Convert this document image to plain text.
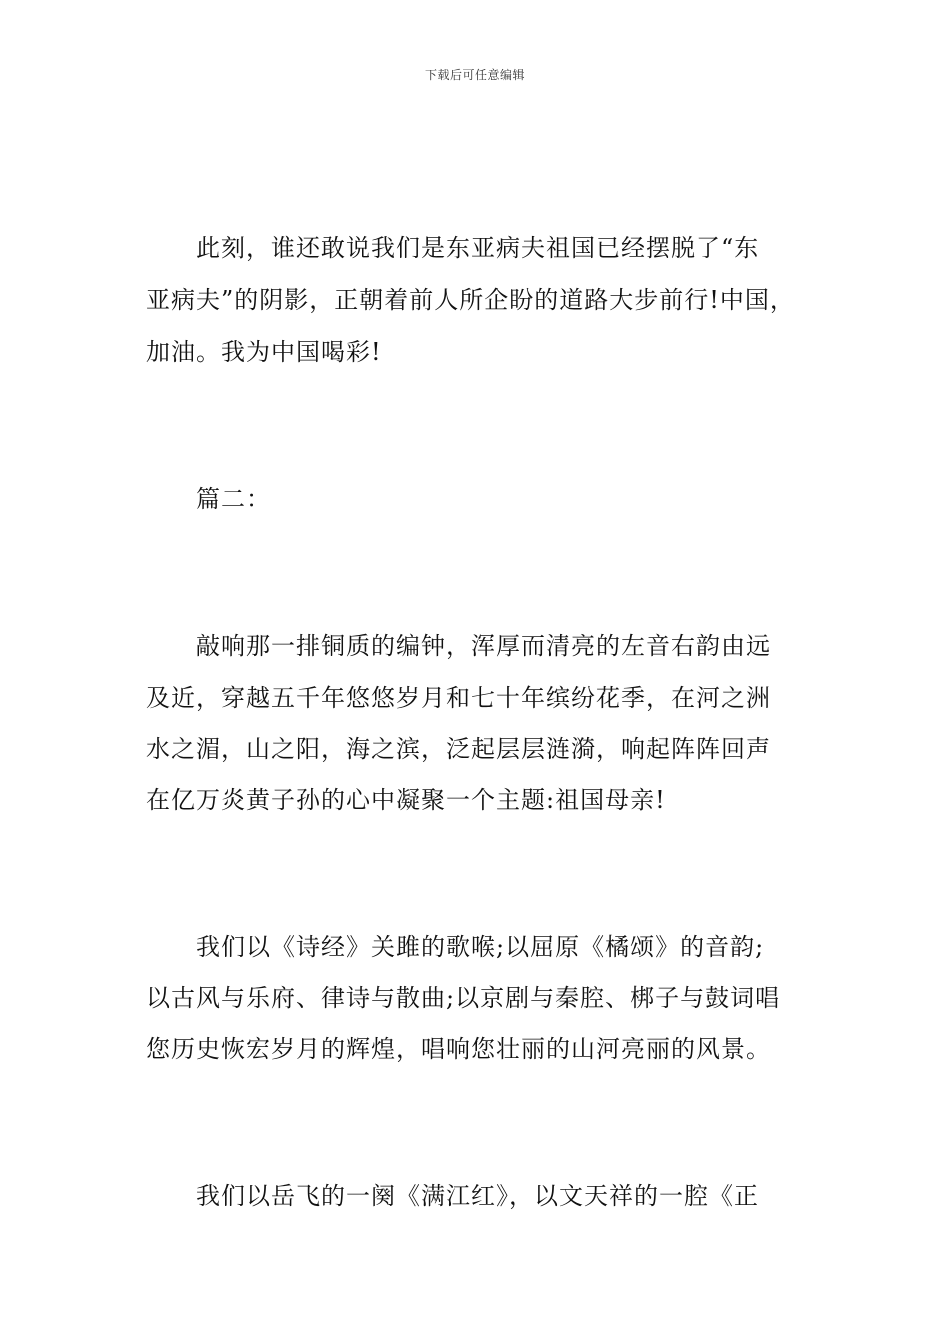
下载后可任意编辑
此刻，谁还敢说我们是东亚病夫祖国已经摆脱了“东
亚病夫”的阴影，正朝着前人所企盼的道路大步前行!中国，
加油。我为中国喝彩!
篇二：
敲响那一排铜质的编钟，浑厚而清亮的左音右韵由远
及近，穿越五千年悠悠岁月和七十年缤纷花季，在河之洲
水之湄，山之阳，海之滨，泛起层层涟漪，响起阵阵回声
在亿万炎黄子孙的心中凝聚一个主题:祖国母亲!
我们以《诗经》关雎的歌喉;以屈原《橘颂》的音韵;
以古风与乐府、律诗与散曲;以京剧与秦腔、梆子与鼓词唱
您历史恢宏岁月的辉煌，唱响您壮丽的山河亮丽的风景。
我们以岳飞的一阕《满江红》，以文天祥的一腔《正
